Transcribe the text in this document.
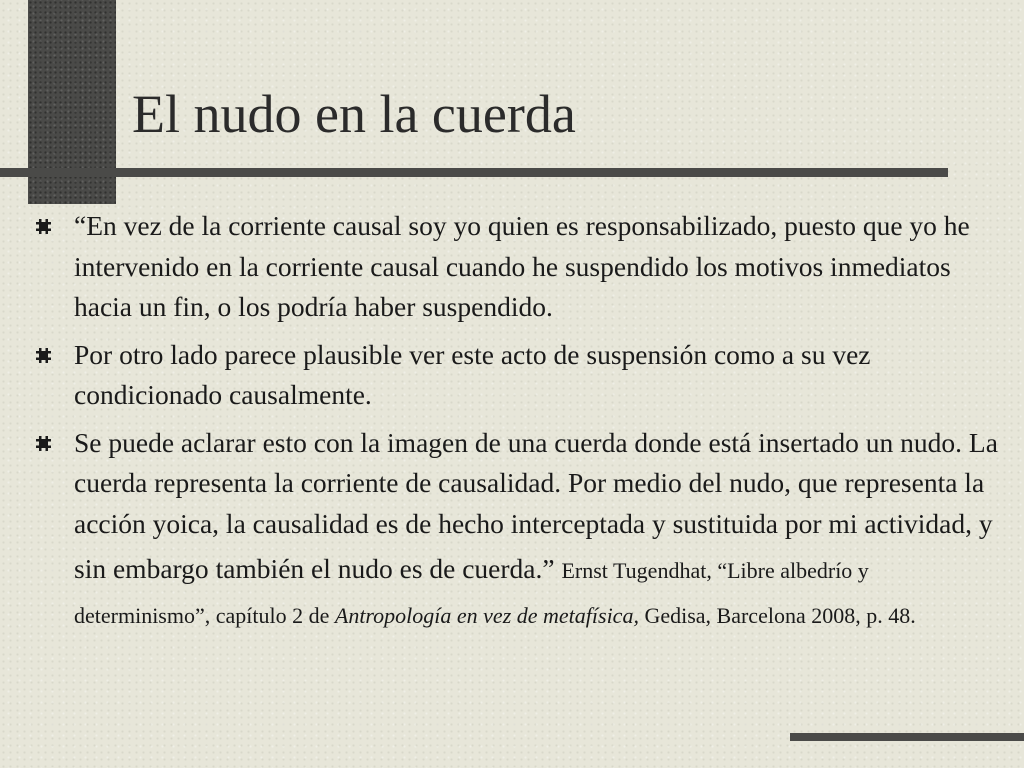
El nudo en la cuerda
“En vez de la corriente causal soy yo quien es responsabilizado, puesto que yo he intervenido en la corriente causal cuando he suspendido los motivos inmediatos hacia un fin, o los podría haber suspendido.
Por otro lado parece plausible ver este acto de suspensión como a su vez condicionado causalmente.
Se puede aclarar esto con la imagen de una cuerda donde está insertado un nudo. La cuerda representa la corriente de causalidad. Por medio del nudo, que representa la acción yoica, la causalidad es de hecho interceptada y sustituida por mi actividad, y sin embargo también el nudo es de cuerda.” Ernst Tugendhat, “Libre albedrío y determinismo”, capítulo 2 de Antropología en vez de metafísica, Gedisa, Barcelona 2008, p. 48.
